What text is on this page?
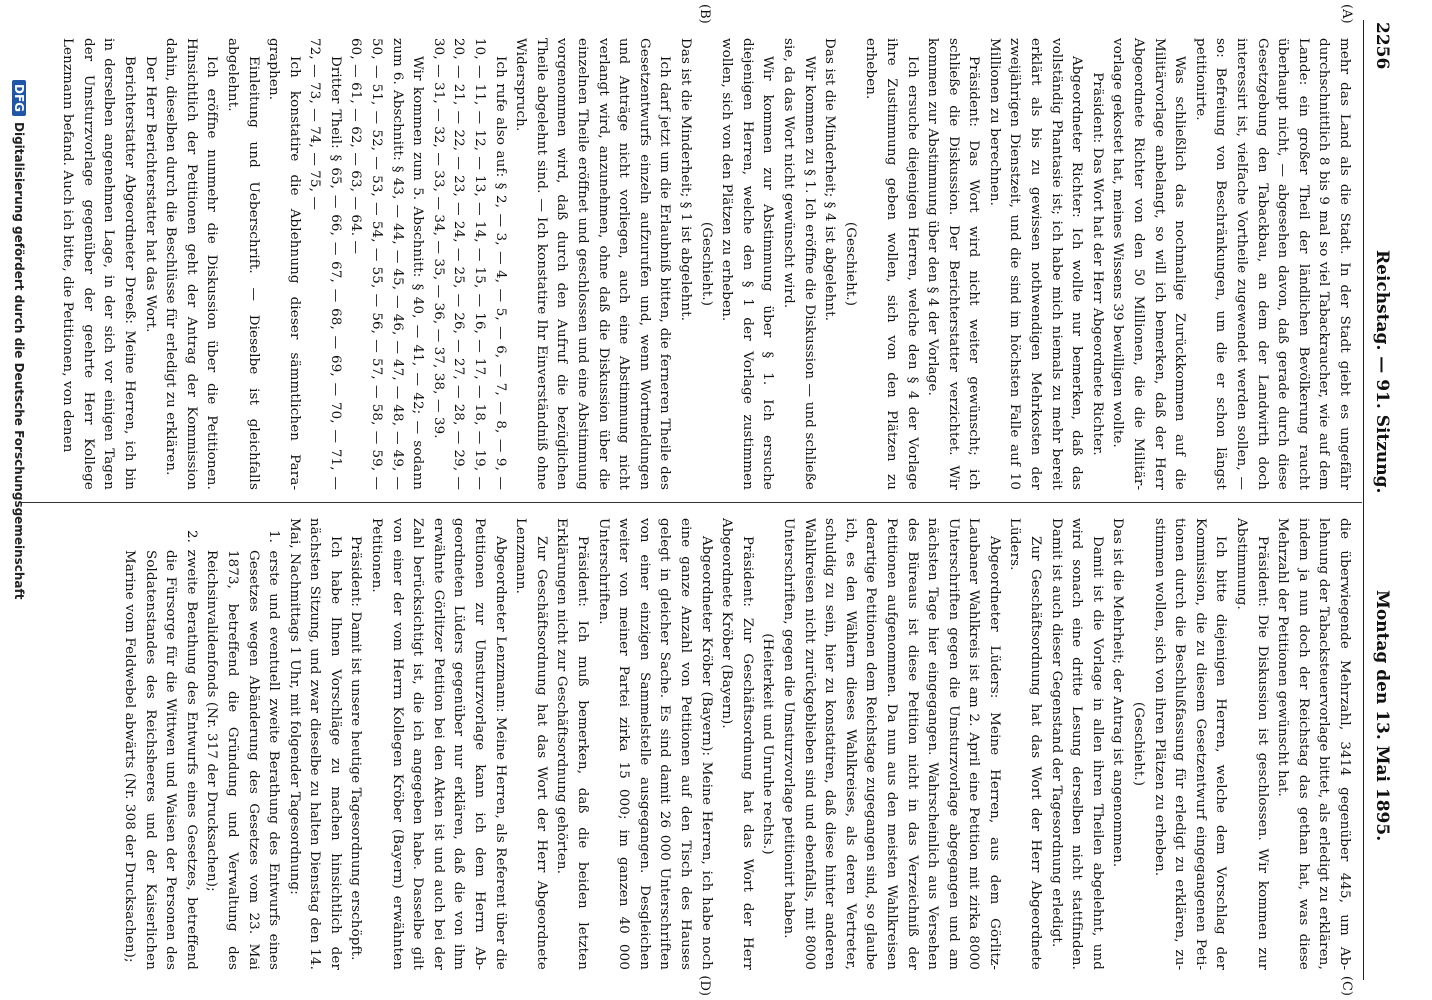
2256
Reichstag. — 91. Sitzung.
Montag den 13. Mai 1895.
(A)
(B)
(C)
(D)

mehr das Land als die Stadt. In der Stadt giebt es ungefähr durchschnittlich 8 bis 9 mal so viel Tabackraucher, wie auf dem Lande: ein großer Theil der ländlichen Bevölkerung raucht überhaupt nicht, — abgesehen davon, daß gerade durch diese Gesetzgebung den Tabackbau, an dem der Landwirth doch interessirt ist, vielfache Vortheile zugewendet werden sollen, — so: Befreiung von Beschränkungen, um die er schon längst petitionirte.

Was schließlich das nochmalige Zurückkommen auf die Militärvorlage anbelangt, so will ich bemerken, daß der Herr Abgeordnete Richter von den 50 Millionen, die die Militärvorlage gekostet hat, meines Wissens 39 bewilligen wollte.

Präsident: Das Wort hat der Herr Abgeordnete Richter.

Abgeordneter Richter: Ich wollte nur bemerken, daß das vollständig Phantasie ist; ich habe mich niemals zu mehr bereit erklärt als bis zu gewissen nothwendigen Mehrkosten der zweijährigen Dienstzeit, und die sind im höchsten Falle auf 10 Millionen zu berechnen.

Präsident: Das Wort wird nicht weiter gewünscht; ich schließe die Diskussion. Der Berichterstatter verzichtet. Wir kommen zur Abstimmung über den § 4 der Vorlage.

Ich ersuche diejenigen Herren, welche den § 4 der Vorlage ihre Zustimmung geben wollen, sich von den Plätzen zu erheben.

(Geschieht.)

Das ist die Minderheit; § 4 ist abgelehnt.

Wir kommen zu § 1. Ich eröffne die Diskussion — und schließe sie, da das Wort nicht gewünscht wird.

Wir kommen zur Abstimmung über § 1. Ich ersuche diejenigen Herren, welche den § 1 der Vorlage zustimmen wollen, sich von den Plätzen zu erheben.

(Geschieht.)

Das ist die Minderheit; § 1 ist abgelehnt.

Ich darf jetzt um die Erlaubniß bitten, die ferneren Theile des Gesetzentwurfs einzeln aufzurufen und, wenn Wortmeldungen und Anträge nicht vorliegen, auch eine Abstimmung nicht verlangt wird, anzunehmen, ohne daß die Diskussion über die einzelnen Theile eröffnet und geschlossen und eine Abstimmung vorgenommen wird, daß durch den Aufruf die bezüglichen Theile abgelehnt sind. — Ich konstatire Ihr Einverständniß ohne Widerspruch.

Ich rufe also auf: § 2, — 3, — 4, — 5, — 6, — 7, — 8, — 9, — 10, — 11, — 12, — 13, — 14, — 15, — 16, — 17, — 18, — 19, — 20, — 21, — 22, — 23, — 24, — 25, — 26, — 27, — 28, — 29, — 30, — 31, — 32, — 33, — 34, — 35, — 36, — 37, 38, — 39.

Wir kommen zum 5. Abschnitt: § 40, — 41, — 42; — sodann zum 6. Abschnitt: § 43, — 44, — 45, — 46, — 47, — 48, — 49, — 50, — 51, — 52, — 53, — 54, — 55, — 56, — 57, — 58, — 59, — 60, — 61, — 62, — 63, — 64. —

Dritter Theil: § 65, — 66, — 67, — 68, — 69, — 70, — 71, — 72, — 73, — 74, — 75, —

Ich konstatire die Ablehnung dieser sämmtlichen Paragraphen.

Einleitung und Ueberschrift. — Dieselbe ist gleichfalls abgelehnt.

Ich eröffne nunmehr die Diskussion über die Petitionen. Hinsichtlich der Petitionen geht der Antrag der Kommission dahin, dieselben durch die Beschlüsse für erledigt zu erklären.

Der Herr Berichterstatter hat das Wort.

Berichterstatter Abgeordneter Dreeß: Meine Herren, ich bin in derselben angenehmen Lage, in der sich vor einigen Tagen der Umsturzvorlage gegenüber der geehrte Herr Kollege Lenzmann befand. Auch ich bitte, die Petitionen, von denen

die überwiegende Mehrzahl, 3414 gegenüber 445, um Ablehnung der Tabacksteuervorlage bittet, als erledigt zu erklären, indem ja nun doch der Reichstag das gethan hat, was diese Mehrzahl der Petitionen gewünscht hat.

Präsident: Die Diskussion ist geschlossen. Wir kommen zur Abstimmung.

Ich bitte diejenigen Herren, welche dem Vorschlag der Kommission, die zu diesem Gesetzentwurf eingegangenen Petitionen durch die Beschlußfassung für erledigt zu erklären, zustimmen wollen, sich von ihren Plätzen zu erheben.

(Geschieht.)

Das ist die Mehrheit; der Antrag ist angenommen.

Damit ist die Vorlage in allen ihren Theilen abgelehnt, und wird sonach eine dritte Lesung derselben nicht stattfinden. Damit ist auch dieser Gegenstand der Tagesordnung erledigt.

Zur Geschäftsordnung hat das Wort der Herr Abgeordnete Lüders.

Abgeordneter Lüders: Meine Herren, aus dem Görlitz-Laubaner Wahlkreis ist am 2. April eine Petition mit zirka 8000 Unterschriften gegen die Umsturzvorlage abgegangen und am nächsten Tage hier eingegangen. Wahrscheinlich aus Versehen des Büreaus ist diese Petition nicht in das Verzeichniß der Petitionen aufgenommen. Da nun aus den meisten Wahlkreisen derartige Petitionen dem Reichstage zugegangen sind, so glaube ich, es den Wählern dieses Wahlkreises, als deren Vertreter, schuldig zu sein, hier zu konstatiren, daß diese hinter anderen Wahlkreisen nicht zurückgeblieben sind und ebenfalls, mit 8000 Unterschriften, gegen die Umsturzvorlage petitionirt haben.

(Heiterkeit und Unruhe rechts.)

Präsident: Zur Geschäftsordnung hat das Wort der Herr Abgeordnete Kröber (Bayern).

Abgeordneter Kröber (Bayern): Meine Herren, ich habe noch eine ganze Anzahl von Petitionen auf den Tisch des Hauses gelegt in gleicher Sache. Es sind damit 26 000 Unterschriften von einer einzigen Sammelstelle ausgegangen. Desgleichen weiter von meiner Partei zirka 15 000; im ganzen 40 000 Unterschriften.

Präsident: Ich muß bemerken, daß die beiden letzten Erklärungen nicht zur Geschäftsordnung gehörten.

Zur Geschäftsordnung hat das Wort der Herr Abgeordnete Lenzmann.

Abgeordneter Lenzmann: Meine Herren, als Referent über die Petitionen zur Umsturzvorlage kann ich dem Herrn Abgeordneten Lüders gegenüber nur erklären, daß die von ihm erwähnte Görlitzer Petition bei den Akten ist und auch bei der Zahl berücksichtigt ist, die ich angegeben habe. Dasselbe gilt von einer der vom Herrn Kollegen Kröber (Bayern) erwähnten Petitionen.

Präsident: Damit ist unsere heutige Tagesordnung erschöpft.

Ich habe Ihnen Vorschläge zu machen hinsichtlich der nächsten Sitzung, und zwar dieselbe zu halten Dienstag den 14. Mai, Nachmittags 1 Uhr, mit folgender Tagesordnung:

1. erste und eventuell zweite Berathung des Entwurfs eines Gesetzes wegen Abänderung des Gesetzes vom 23. Mai 1873, betreffend die Gründung und Verwaltung des Reichsinvalidenfonds (Nr. 317 der Drucksachen);

2. zweite Berathung des Entwurfs eines Gesetzes, betreffend die Fürsorge für die Wittwen und Waisen der Personen des Soldatenstandes des Reichsheeres und der Kaiserlichen Marine vom Feldwebel abwärts (Nr. 308 der Drucksachen);

DFGDigitalisierung gefördert durch die Deutsche Forschungsgemeinschaft
